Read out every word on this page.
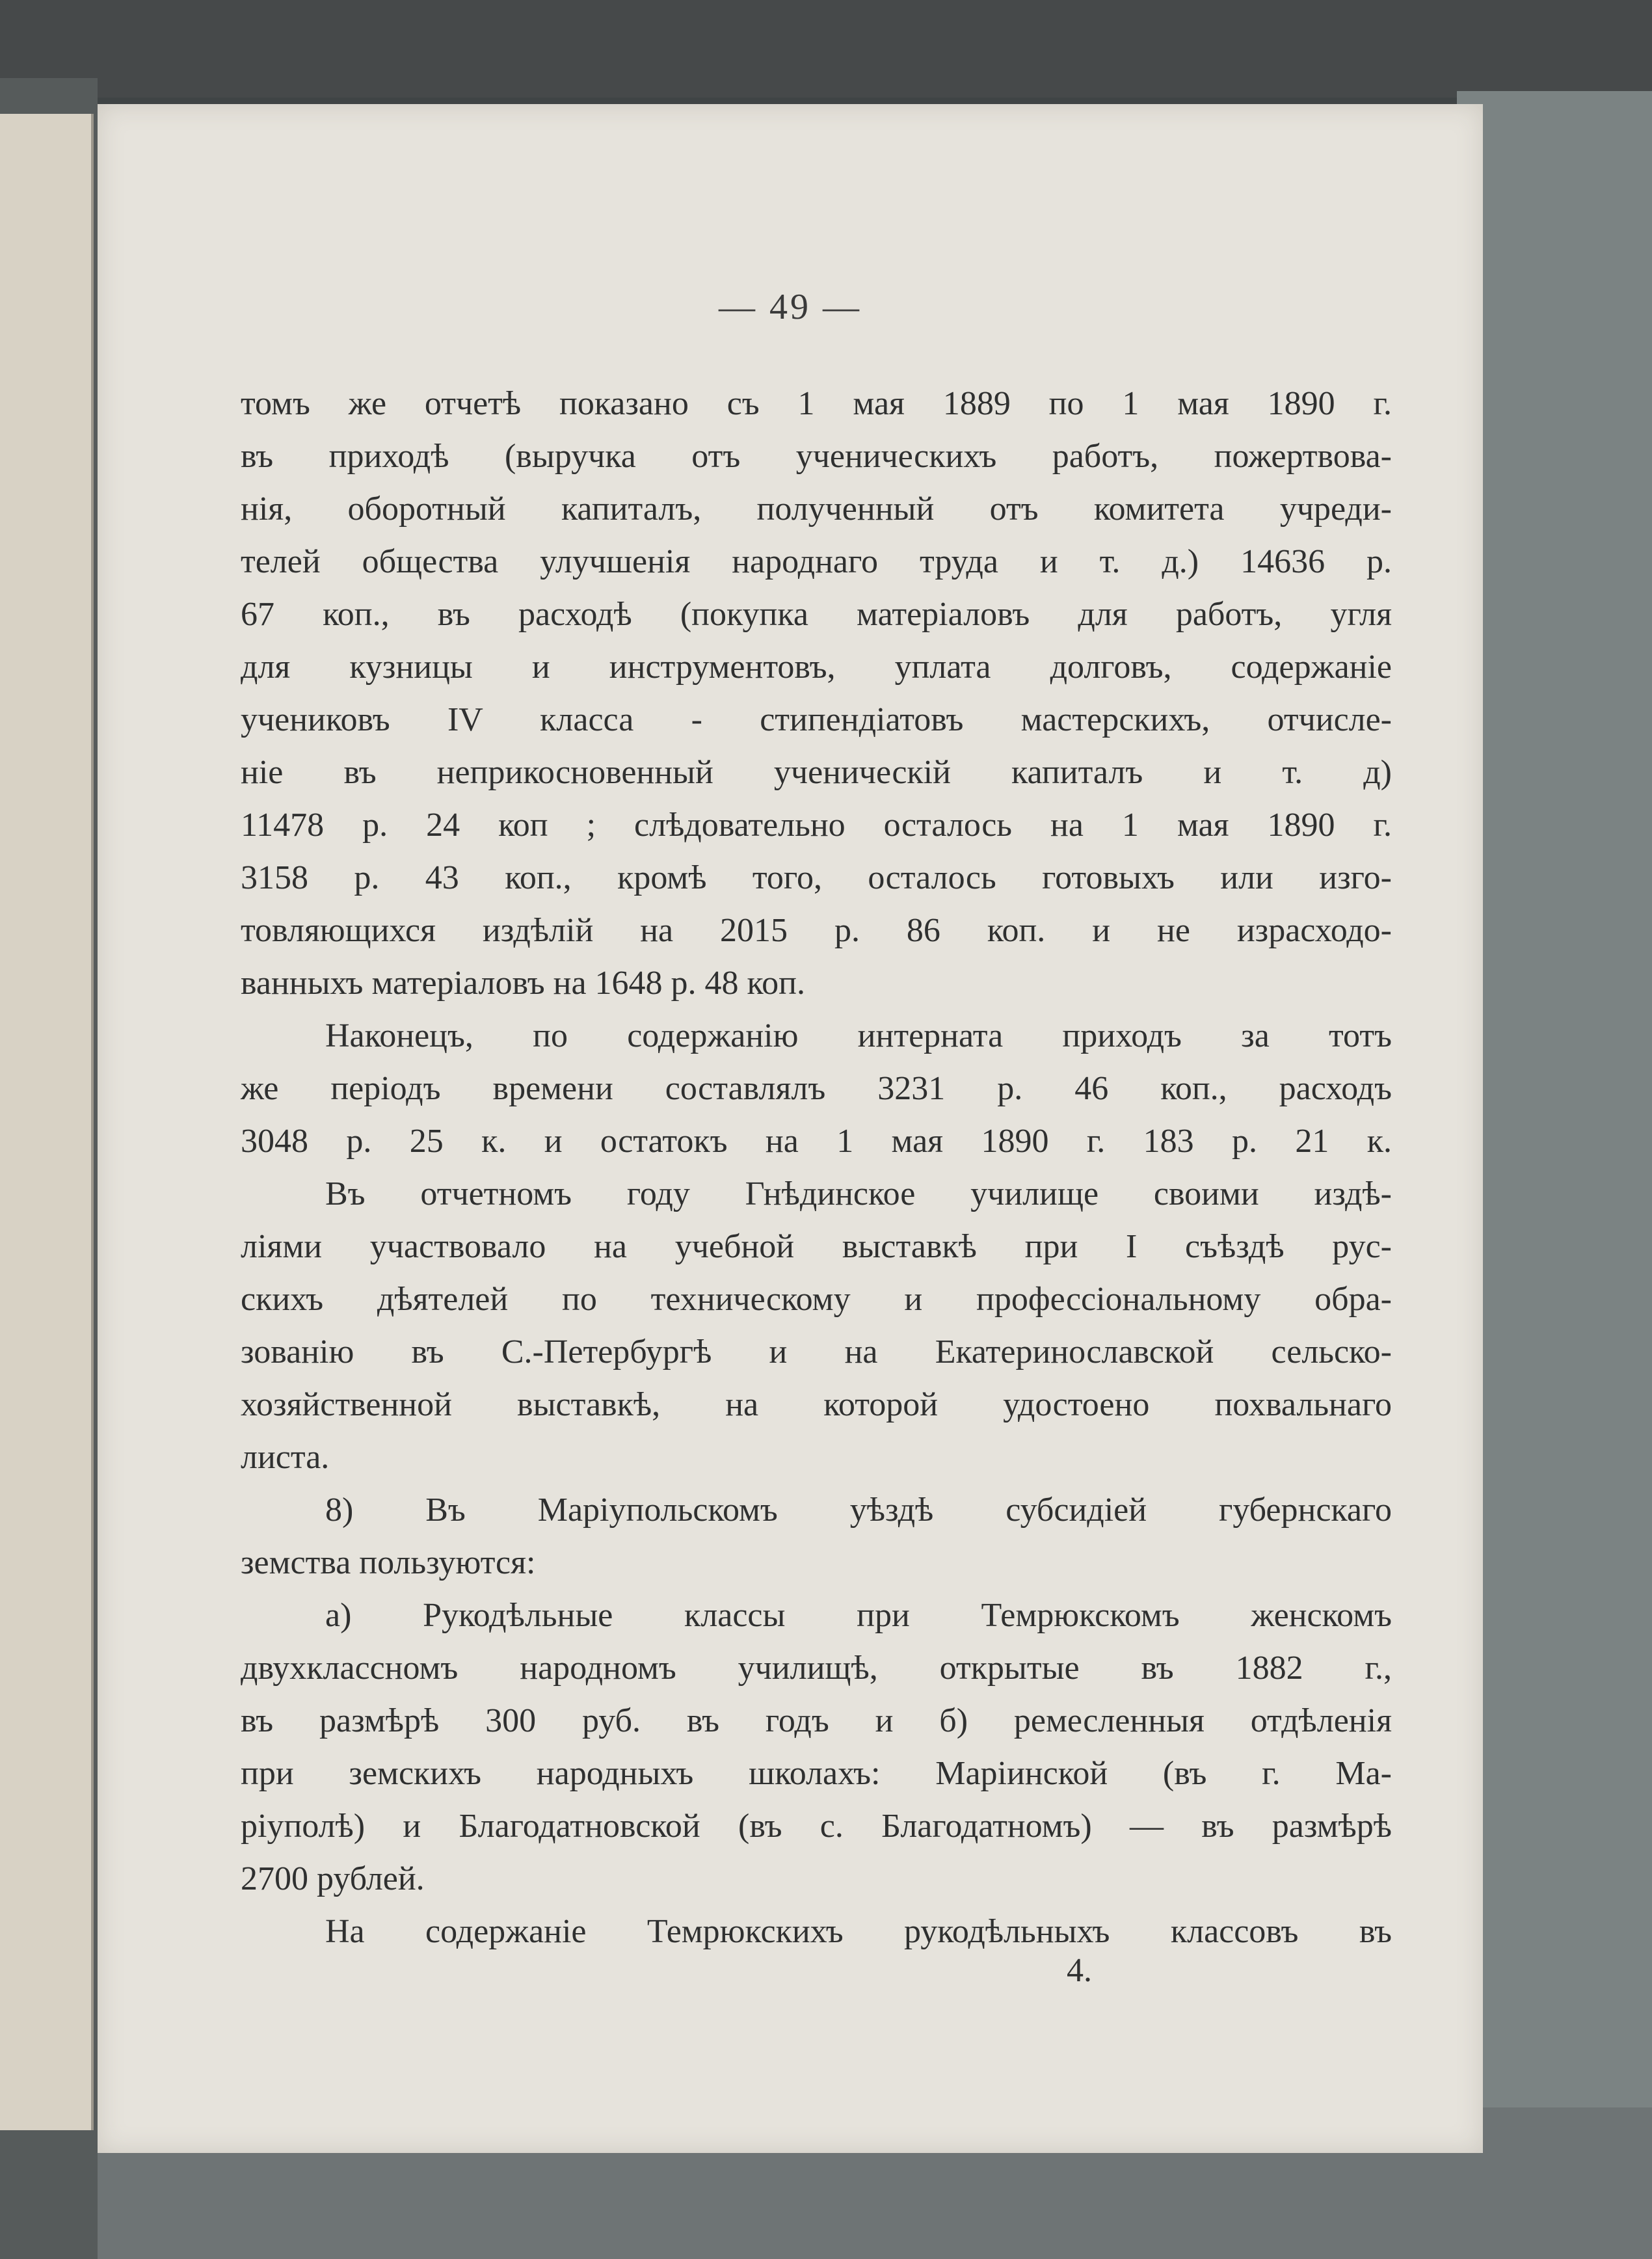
— 49 —
томъ же отчетѣ показано съ 1 мая 1889 по 1 мая 1890 г.
въ приходѣ (выручка отъ ученическихъ работъ, пожертвова-
нія, оборотный капиталъ, полученный отъ комитета учреди-
телей общества улучшенія народнаго труда и т. д.) 14636 р.
67 коп., въ расходѣ (покупка матеріаловъ для работъ, угля
для кузницы и инструментовъ, уплата долговъ, содержаніе
учениковъ IV класса - стипендіатовъ мастерскихъ, отчисле-
ніе въ неприкосновенный ученическій капиталъ и т. д)
11478 р. 24 коп ; слѣдовательно осталось на 1 мая 1890 г.
3158 р. 43 коп., кромѣ того, осталось готовыхъ или изго-
товляющихся издѣлій на 2015 р. 86 коп. и не израсходо-
ванныхъ матеріаловъ на 1648 р. 48 коп.
Наконецъ, по содержанію интерната приходъ за тотъ
же періодъ времени составлялъ 3231 р. 46 коп., расходъ
3048 р. 25 к. и остатокъ на 1 мая 1890 г. 183 р. 21 к.
Въ отчетномъ году Гнѣдинское училище своими издѣ-
ліями участвовало на учебной выставкѣ при I съѣздѣ рус-
скихъ дѣятелей по техническому и профессіональному обра-
зованію въ С.-Петербургѣ и на Екатеринославской сельско-
хозяйственной выставкѣ, на которой удостоено похвальнаго
листа.
8) Въ Маріупольскомъ уѣздѣ субсидіей губернскаго
земства пользуются:
а) Рукодѣльные классы при Темрюкскомъ женскомъ
двухклассномъ народномъ училищѣ, открытые въ 1882 г.,
въ размѣрѣ 300 руб. въ годъ и б) ремесленныя отдѣленія
при земскихъ народныхъ школахъ: Маріинской (въ г. Ма-
ріуполѣ) и Благодатновской (въ с. Благодатномъ) — въ размѣрѣ
2700 рублей.
На содержаніе Темрюкскихъ рукодѣльныхъ классовъ въ
4.
